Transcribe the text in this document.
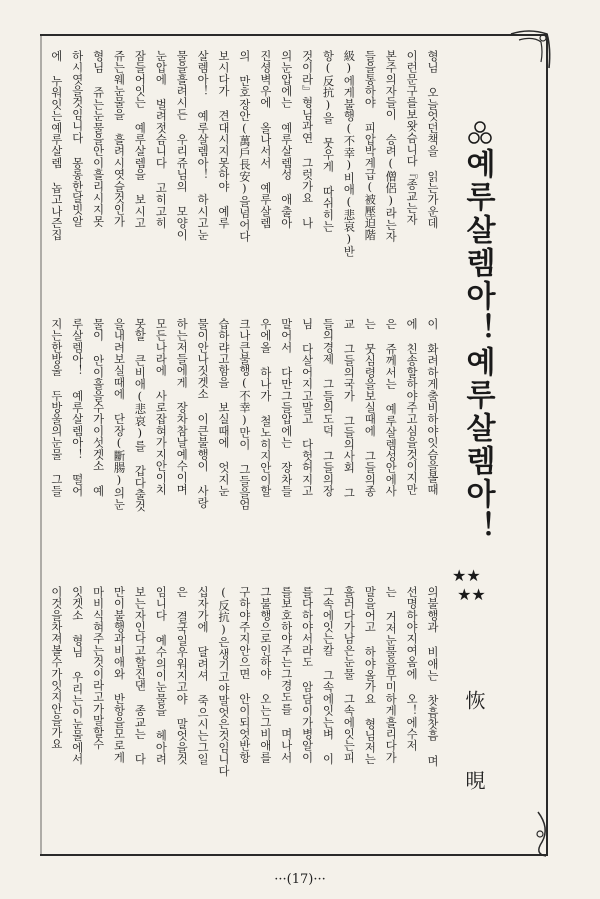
예루살렘아！예루살렘아！
★★
★★
恢 晛
형님 오늘엇던책을 읽는가운데
이런문구를보왓슴니다『종교는자
본주의자들이 승려(僧侶)라는자
들을통하야 피압박계급(被壓迫階
級)에게불행(不幸)비애(悲哀)반
항(反抗)을 뭇우게 따쉬히는
것이라』형님과연 그럿가요 나
의눈압에는 예루살렘성 애출아
진셩벽우에 올나서서 예루살렘
의 만호장안(萬戶長安)을넘어다
보시다가 견대시지못하야 예루
살렘아！ 예루살렘아！ 하시고눈
물을흘려시든 우리쥬님의 모양이
눈압에 벌려젓슴니다 고히고히
잠들어잇는 예루살렘을 보시고
쥬는웨눈물을 흘려시엿슬것인가
형님 쥬는눈물을안이흘리시지못
하시엿을것임니다 몽롱한달빗알
에 누워잇는예루살렘 놉고나즌집
이 화려하게출비하야잇슴을볼때
에 친송할하야주고심을것이지만
은 쥬께서는 예루살렘성안에사
는 뭇심령을보실때에 그들의종
교 그들의국가 그들의사회 그
들의경제 그들의도덕 그들의장
님 다살어지고말고 다헛허지고
말어서 다만그들압에는 장차들
우에올 하나가 철노히지안이할
크나큰불행(不幸)만이 그들을엄
습하랴고함을 보실때에 엇지눈
물이안나짓겟소 이큰불행이 사랑
하는저들에게 장차참날예수이며
모든나라에 사로잡혀가지안이치
못할 큰비애(悲哀)를 갑다출것
을내려보실때에 단장(斷腸)의눈
물이 안이흘을수가이섯겟소 예
루살렘아！ 예루살렘아！ 떨어
지는한방울 두방울의눈물 그들
의불행과 비애는 찻흠찻흠 며
선명하야지여옴에 오！에수저
는 거저눈물을무미하게흘리다가
말을어고 하야올가요 형님저는
흘러다가남은눈물 그속에잇는피
그속에잇는칼 그속에잇는벼 이
를다하야서라도 암담이가병알이
를보호하야주는그경도를 며나서
그불행으로인하야 오는그비애를
구하야주지안으면 안이되엇반항
(反抗)은생기고야말엇은것임니다
십자가에 달려셔 죽으시는그일
은 결국일우워지고야 말엇을것
임니다 예수의이눈물을 헤아려
보는자인다고할진댄 종교는 다
만이불행과비애와 반항을모로게
마비식혀주는것이라고가말할수
잇겟소 형님 우리는이눈물에서
이것을차져볼수가잇지안을가요
···(17)···
